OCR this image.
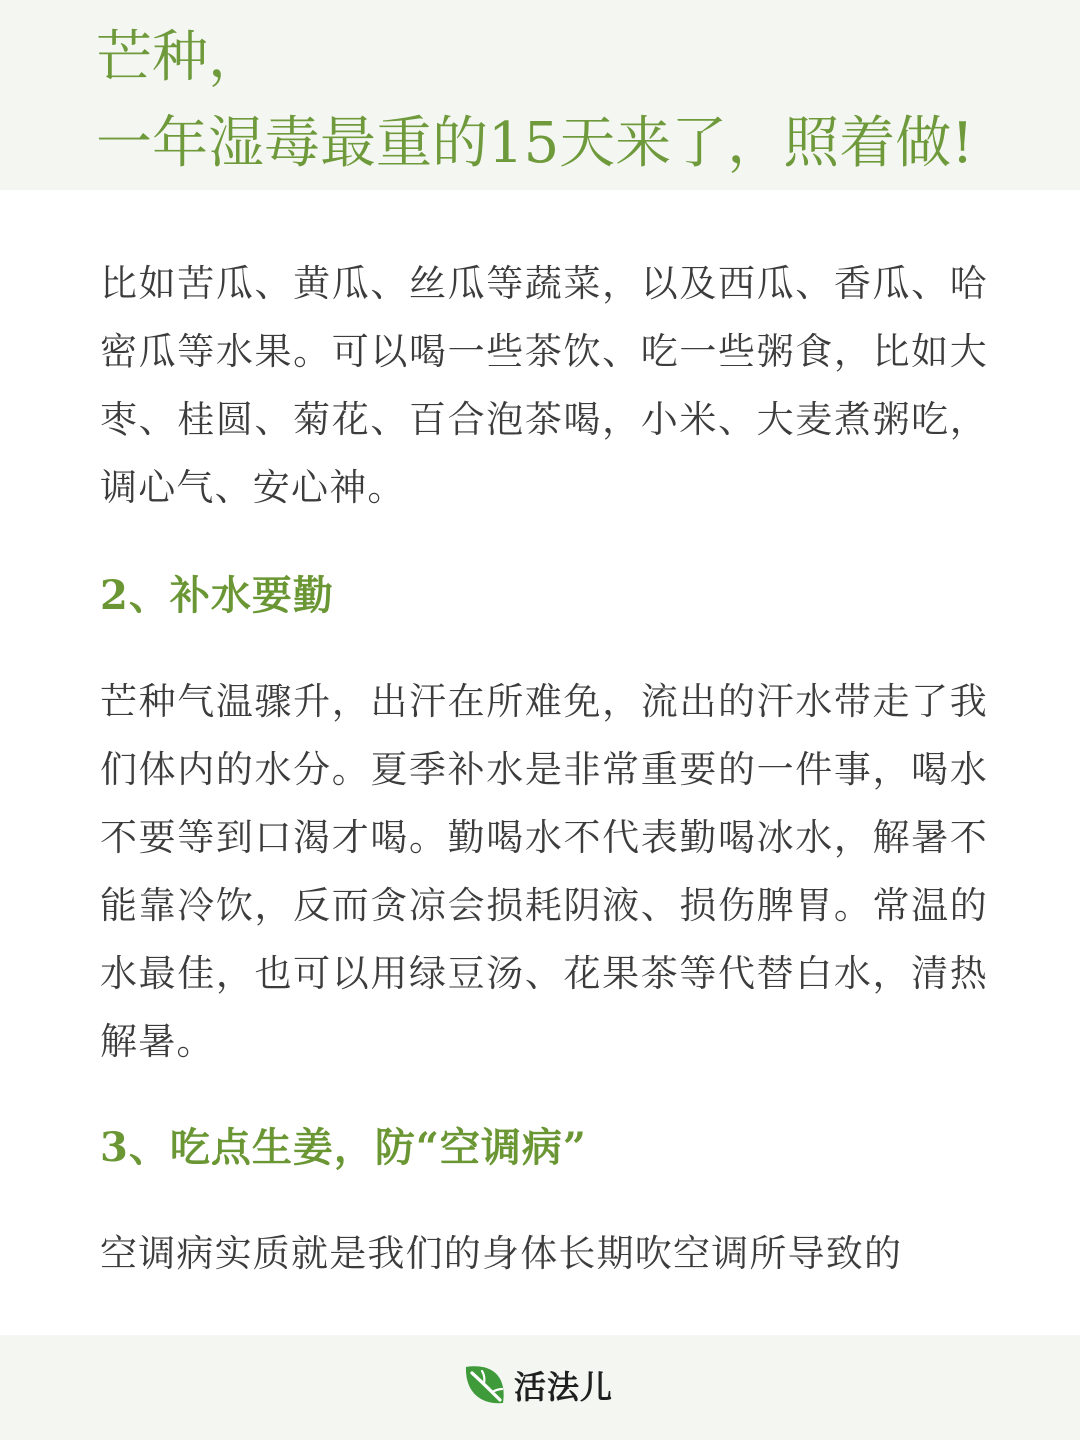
芒种，
一年湿毒最重的15天来了，照着做!

比如苦瓜、黄瓜、丝瓜等蔬菜，以及西瓜、香瓜、哈密瓜等水果。可以喝一些茶饮、吃一些粥食，比如大枣、桂圆、菊花、百合泡茶喝，小米、大麦煮粥吃，调心气、安心神。

2、补水要勤

芒种气温骤升，出汗在所难免，流出的汗水带走了我们体内的水分。夏季补水是非常重要的一件事，喝水不要等到口渴才喝。勤喝水不代表勤喝冰水，解暑不能靠冷饮，反而贪凉会损耗阴液、损伤脾胃。常温的水最佳，也可以用绿豆汤、花果茶等代替白水，清热解暑。

3、吃点生姜，防“空调病”

空调病实质就是我们的身体长期吹空调所导致的

活法儿
